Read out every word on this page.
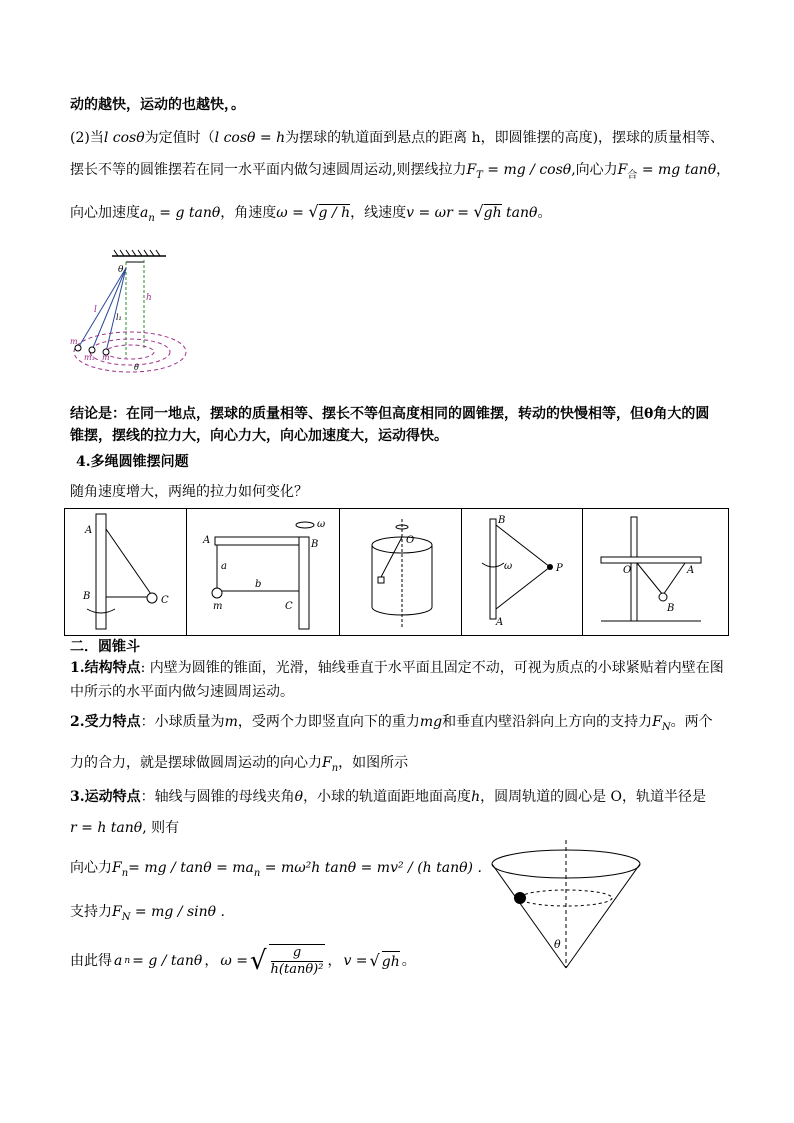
动的越快，运动的也越快，。
(2)当l cosθ为定值时（l cosθ = h为摆球的轨道面到悬点的距离 h，即圆锥摆的高度)，摆球的质量相等、
摆长不等的圆锥摆若在同一水平面内做匀速圆周运动,则摆线拉力$F_T$ = mg / cosθ,向心力$F_合$ = mg tanθ，
向心加速度$a_n = g$ tanθ，角速度ω = √g / h，线速度v = ωr = √gh tanθ。
θ
h
l
l₁
m
m₁ m
θ
结论是：在同一地点，摆球的质量相等、摆长不等但高度相同的圆锥摆，转动的快慢相等，但θ角大的圆
锥摆，摆线的拉力大，向心力大，向心加速度大，运动得快。
4.多绳圆锥摆问题
随角速度增大，两绳的拉力如何变化？
A
B	C
A	B
C
a
b
m
ω
O
B
A
P
ω	O	A
B
二．圆锥斗
1.结构特点: 内壁为圆锥的锥面，光滑，轴线垂直于水平面且固定不动，可视为质点的小球紧贴着内壁在图
中所示的水平面内做匀速圆周运动。
2.受力特点：小球质量为m，受两个力即竖直向下的重力mg和垂直内壁沿斜向上方向的支持力$F_N$。两个
力的合力，就是摆球做圆周运动的向心力$F_n$，如图所示
3.运动特点：轴线与圆锥的母线夹角θ，小球的轨道面距地面高度h，圆周轨道的圆心是 O，轨道半径是
r = h tanθ, 则有
向心力$F_n=$ mg / $\tan\theta = ma_n = m\omega^2h$ tanθ = mv² / (h tanθ) .
支持力$F_N$ = mg / sinθ .
由此得 a n = g / tanθ ， ω = √ g
h(tanθ)²
， v = √ gh 。
θ
